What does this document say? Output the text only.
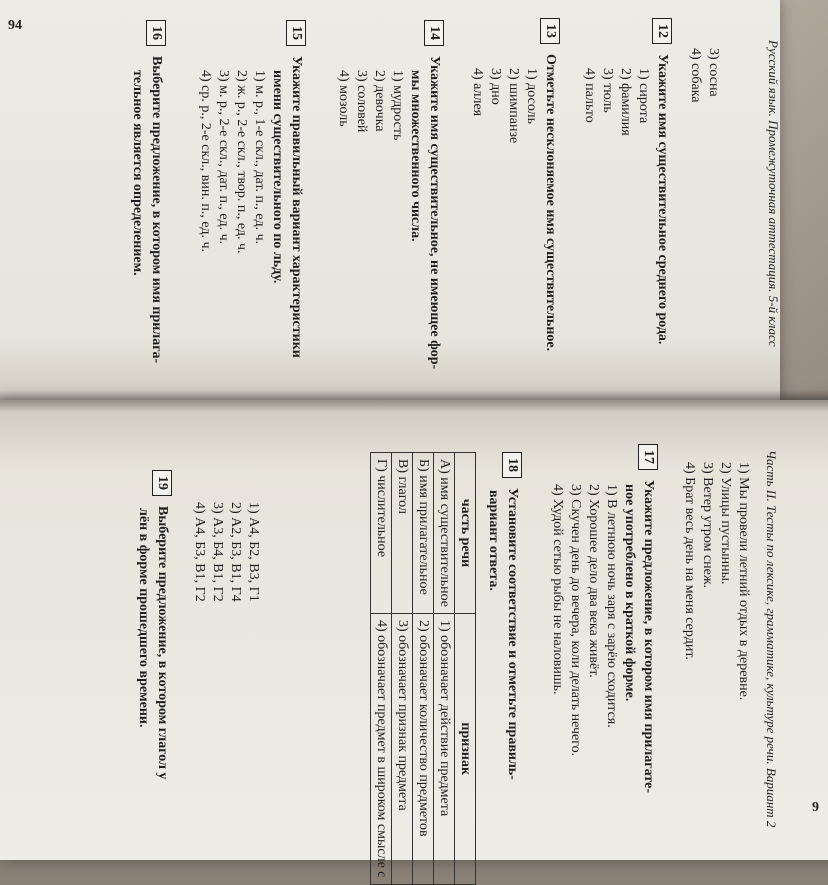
94
Русский язык. Промежуточная аттестация. 5-й класс
3) сосна
4) собака
12Укажите имя существительное среднего рода.
1) сирота
2) фамилия
3) тюль
4) пальто
13Отметьте несклоняемое имя существительное.
1) досоль
2) шимпанзе
3) дно
4) аллея
14Укажите имя существительное, не имеющее фор-
мы множественного числа.
1) мудрость
2) девочка
3) соловей
4) мозоль
15Укажите правильный вариант характеристики
имени существительного по льду.
1) м. р., 1-е скл., дат. п., ед. ч.
2) ж. р., 2-е скл., твор. п., ед. ч.
3) м. р., 2-е скл., дат. п., ед. ч.
4) ср. р., 2-е скл., вин. п., ед. ч.
16Выберите предложение, в котором имя прилага-
тельное является определением.
Часть II. Тесты по лексике, грамматике, культуре речи. Вариант 2 9
1) Мы провели летний отдых в деревне.
2) Улицы пустынны.
3) Ветер утром снеж.
4) Брат весь день на меня сердит.
17Укажите предложение, в котором имя прилагате-
ное употреблено в краткой форме.
1) В летнюю ночь заря с зарёю сходится.
2) Хорошее дело два века живёт.
3) Скучен день до вечера, коли делать нечего.
4) Худой сетью рыбы не наловишь.
18Установите соответствие и отметьте правиль-
вариант ответа.
часть речи	признак
А) имя существительное	1) обозначает действие предмета
Б) имя прилагательное	2) обозначает количество предметов
В) глагол	3) обозначает признак предмета
Г) числительное	4) обозначает предмет в широком смысле с
1) А4, Б2, В3, Г1
2) А2, Б3, В1, Г4
3) А3, Б4, В1, Г2
4) А4, Б3, В1, Г2
19Выберите предложение, в котором глагол у
лён в форме прошедшего времени.
